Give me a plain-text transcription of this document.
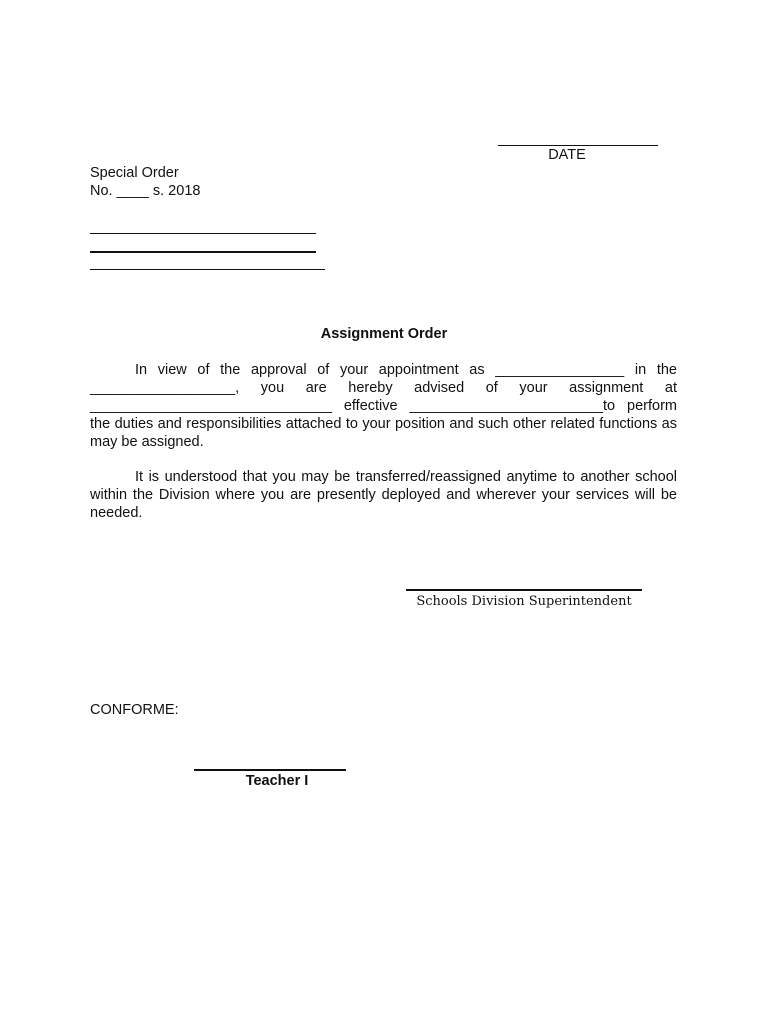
DATE
Special Order
No. ____ s. 2018
Assignment Order
In view of the approval of your appointment as ________________ in the __________________, you are hereby advised of your assignment at ______________________________ effective ________________________to perform the duties and responsibilities attached to your position and such other related functions as may be assigned.
It is understood that you may be transferred/reassigned anytime to another school within the Division where you are presently deployed and wherever your services will be needed.
Schools Division Superintendent
CONFORME:
Teacher I
